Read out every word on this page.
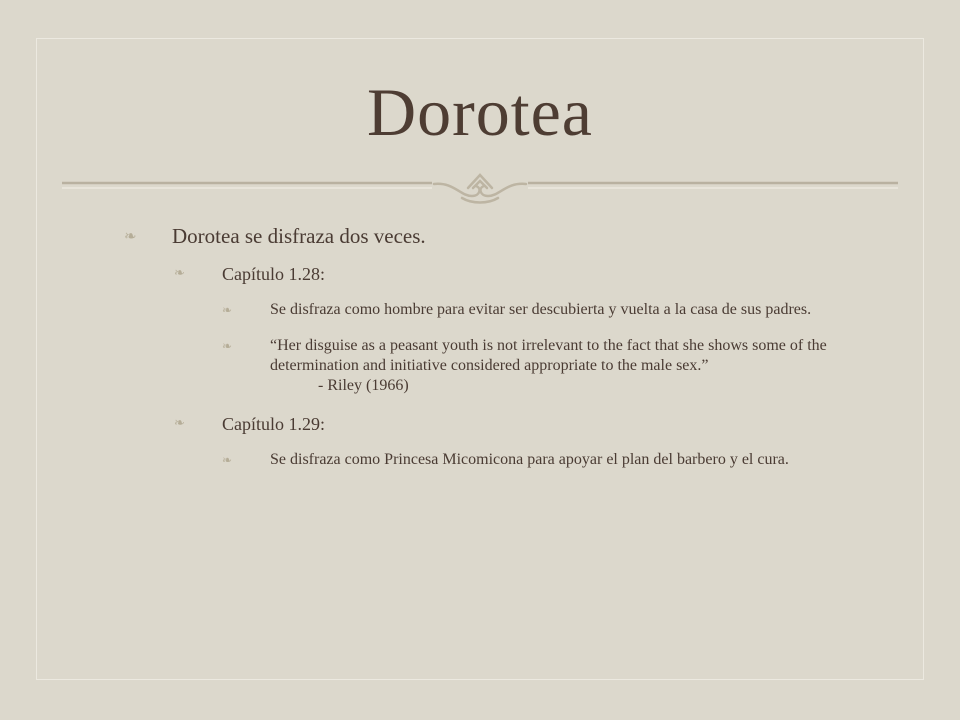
Dorotea
❧ Dorotea se disfraza dos veces.
❧ Capítulo 1.28:
❧ Se disfraza como hombre para evitar ser descubierta y vuelta a la casa de sus padres.
❧ “Her disguise as a peasant youth is not irrelevant to the fact that she shows some of the determination and initiative considered appropriate to the male sex.”
- Riley (1966)
❧ Capítulo 1.29:
❧ Se disfraza como Princesa Micomicona para apoyar el plan del barbero y el cura.
